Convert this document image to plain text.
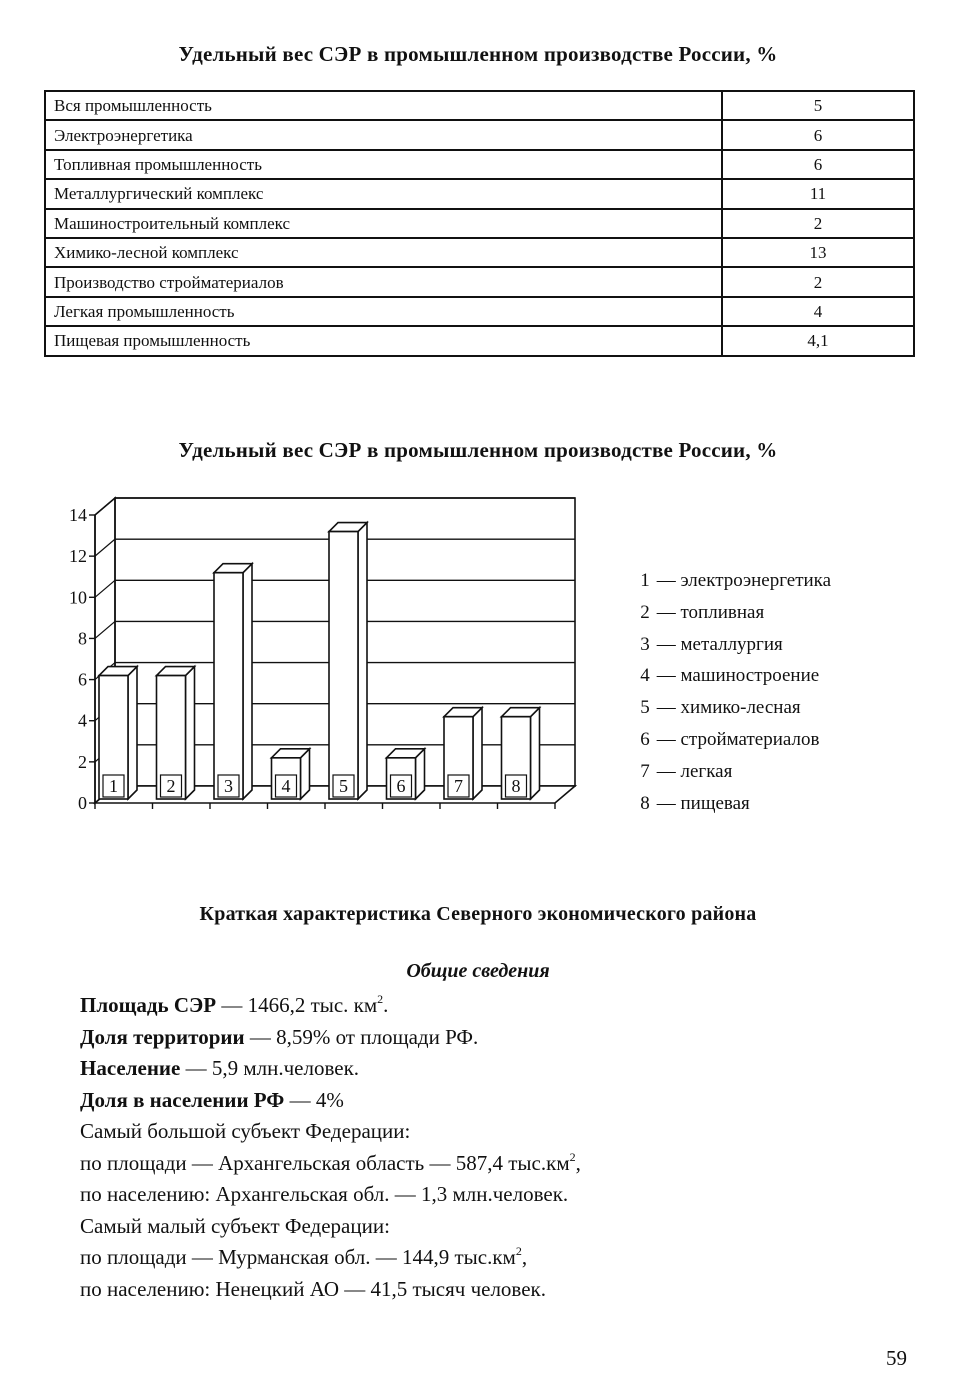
Удельный вес СЭР в промышленном производстве России, %
Вся промышленность	5
Электроэнергетика	6
Топливная промышленность	6
Металлургический комплекс	11
Машиностроительный комплекс	2
Химико-лесной комплекс	13
Производство стройматериалов	2
Легкая промышленность	4
Пищевая промышленность	4,1
Удельный вес СЭР в промышленном производстве России, %
0
2
4
6
8
10
12
14
1	2	3	4	5	6	7	8
1 — электроэнергетика
2 — топливная
3 — металлургия
4 — машиностроение
5 — химико-лесная
6 — стройматериалов
7 — легкая
8 — пищевая
Краткая характеристика Северного экономического района
Общие сведения
Площадь СЭР — 1466,2 тыс. $км^2$.
Доля территории — 8,59% от площади РФ.
Население — 5,9 млн.человек.
Доля в населении РФ — 4%
Самый большой субъект Федерации:
по площади — Архангельская область — 587,4 $тыс.км^2$,
по населению: Архангельская обл. — 1,3 млн.человек.
Самый малый субъект Федерации:
по площади — Мурманская обл. — 144,9 $тыс.км^2$,
по населению: Ненецкий АО — 41,5 тысяч человек.
59
